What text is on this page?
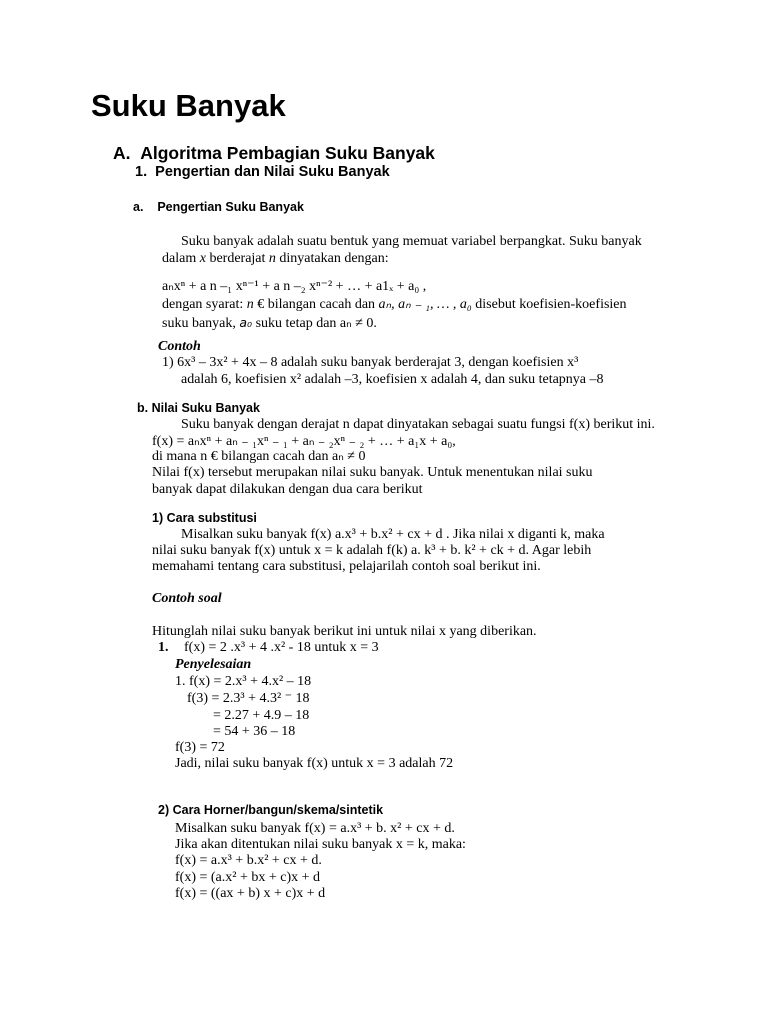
Suku Banyak
A. Algoritma Pembagian Suku Banyak
1. Pengertian dan Nilai Suku Banyak
a. Pengertian Suku Banyak
Suku banyak adalah suatu bentuk yang memuat variabel berpangkat. Suku banyak
dalam x berderajat n dinyatakan dengan:
aₙxⁿ + a n –₁ xⁿ⁻¹ + a n –₂ xⁿ⁻² + … + a1ₓ + a₀ ,
dengan syarat: n € bilangan cacah dan aₙ, aₙ ₋ ₁, … , a₀ disebut koefisien-koefisien
suku banyak, a₀ suku tetap dan aₙ ≠ 0.
Contoh
1) 6x³ – 3x² + 4x – 8 adalah suku banyak berderajat 3, dengan koefisien x³
adalah 6, koefisien x² adalah –3, koefisien x adalah 4, dan suku tetapnya –8
b. Nilai Suku Banyak
Suku banyak dengan derajat n dapat dinyatakan sebagai suatu fungsi f(x) berikut ini.
f(x) = aₙxⁿ + aₙ ₋ ₁xⁿ ₋ ₁ + aₙ ₋ ₂xⁿ ₋ ₂ + … + a₁x + a₀,
di mana n € bilangan cacah dan aₙ ≠ 0
Nilai f(x) tersebut merupakan nilai suku banyak. Untuk menentukan nilai suku
banyak dapat dilakukan dengan dua cara berikut
1) Cara substitusi
Misalkan suku banyak f(x) a.x³ + b.x² + cx + d . Jika nilai x diganti k, maka
nilai suku banyak f(x) untuk x = k adalah f(k) a. k³ + b. k² + ck + d. Agar lebih
memahami tentang cara substitusi, pelajarilah contoh soal berikut ini.
Contoh soal
Hitunglah nilai suku banyak berikut ini untuk nilai x yang diberikan.
1. f(x) = 2 .x³ + 4 .x² - 18 untuk x = 3
Penyelesaian
1. f(x) = 2.x³ + 4.x² – 18
f(3) = 2.3³ + 4.3² ⁻ 18
= 2.27 + 4.9 – 18
= 54 + 36 – 18
f(3) = 72
Jadi, nilai suku banyak f(x) untuk x = 3 adalah 72
2) Cara Horner/bangun/skema/sintetik
Misalkan suku banyak f(x) = a.x³ + b. x² + cx + d.
Jika akan ditentukan nilai suku banyak x = k, maka:
f(x) = a.x³ + b.x² + cx + d.
f(x) = (a.x² + bx + c)x + d
f(x) = ((ax + b) x + c)x + d
